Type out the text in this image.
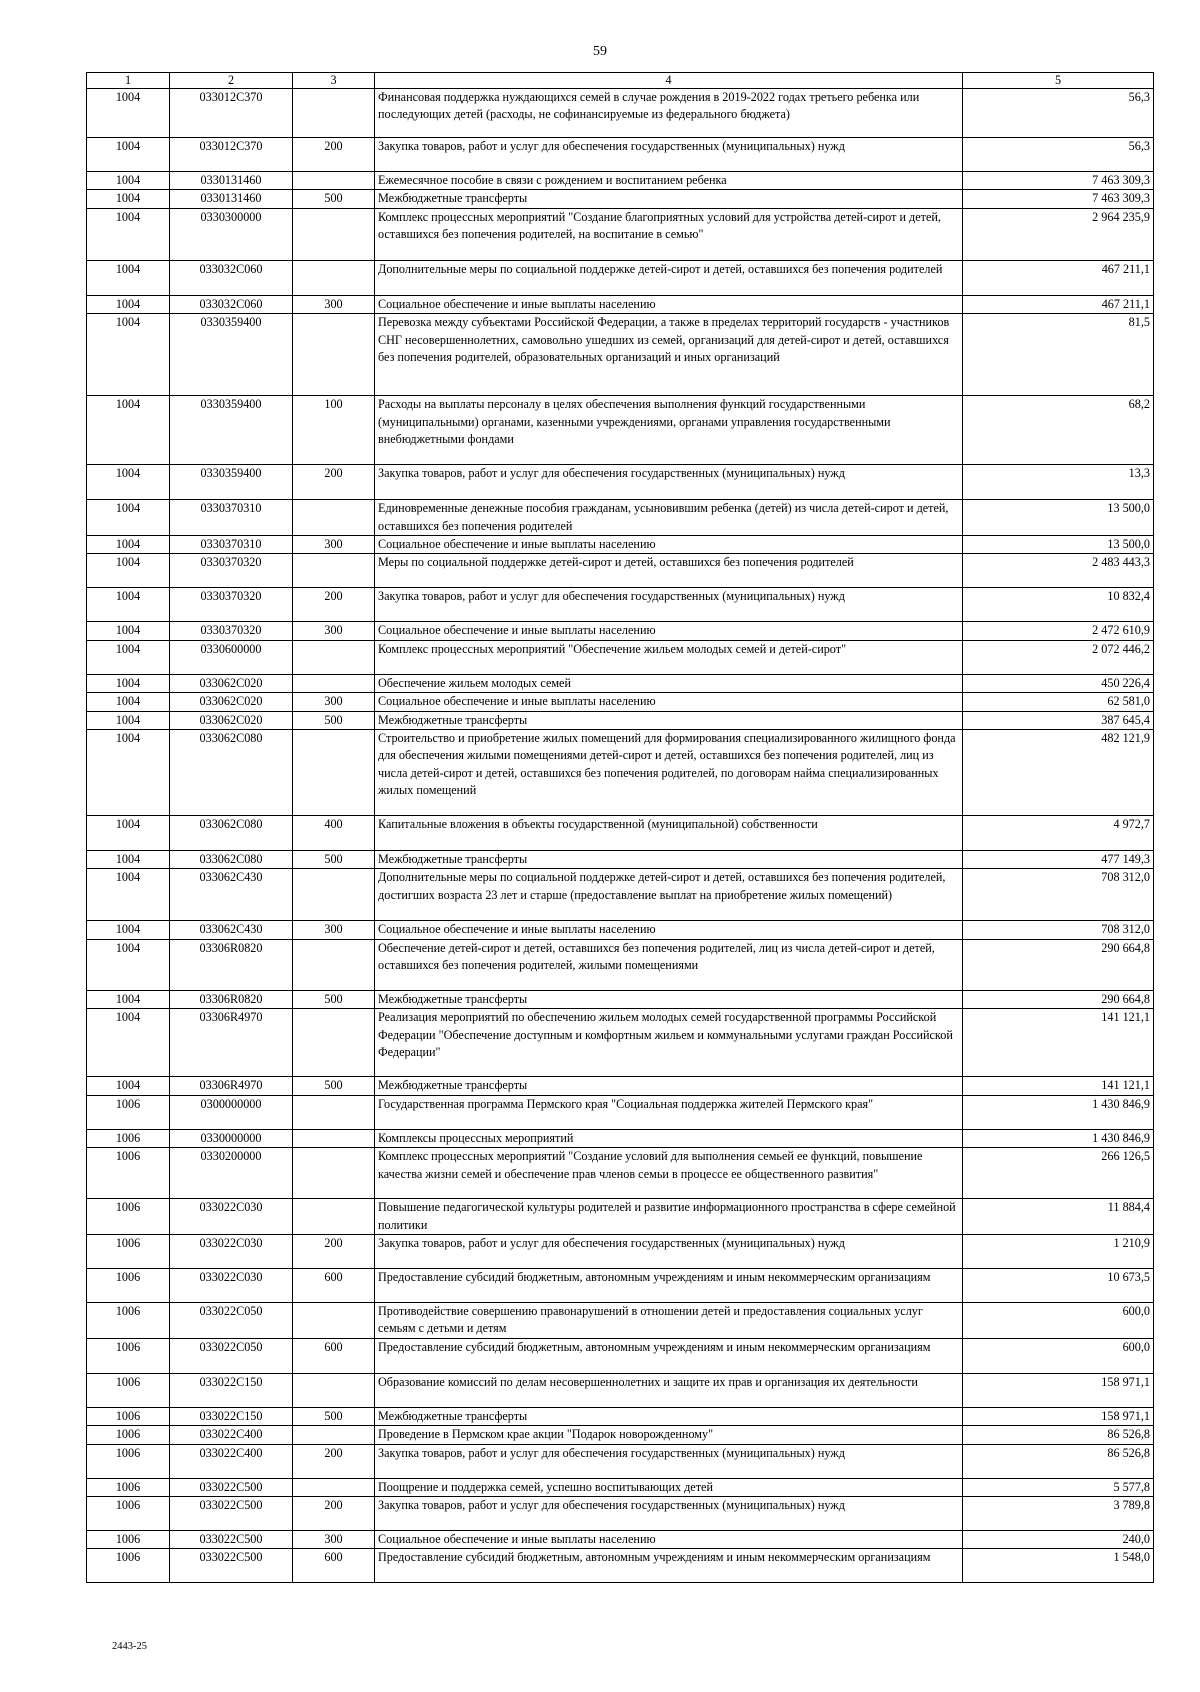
59
1	2	3	4	5
1004	033012C370		Финансовая поддержка нуждающихся семей в случае рождения в 2019-2022 годах третьего ребенка или последующих детей (расходы, не софинансируемые из федерального бюджета)	56,3
1004	033012C370	200	Закупка товаров, работ и услуг для обеспечения государственных (муниципальных) нужд	56,3
1004	0330131460		Ежемесячное пособие в связи с рождением и воспитанием ребенка	7 463 309,3
1004	0330131460	500	Межбюджетные трансферты	7 463 309,3
1004	0330300000		Комплекс процессных мероприятий "Создание благоприятных условий для устройства детей-сирот и детей, оставшихся без попечения родителей, на воспитание в семью"	2 964 235,9
1004	033032C060		Дополнительные меры по социальной поддержке детей-сирот и детей, оставшихся без попечения родителей	467 211,1
1004	033032C060	300	Социальное обеспечение и иные выплаты населению	467 211,1
1004	0330359400		Перевозка между субъектами Российской Федерации, а также в пределах территорий государств - участников СНГ несовершеннолетних, самовольно ушедших из семей, организаций для детей-сирот и детей, оставшихся без попечения родителей, образовательных организаций и иных организаций	81,5
1004	0330359400	100	Расходы на выплаты персоналу в целях обеспечения выполнения функций государственными (муниципальными) органами, казенными учреждениями, органами управления государственными внебюджетными фондами	68,2
1004	0330359400	200	Закупка товаров, работ и услуг для обеспечения государственных (муниципальных) нужд	13,3
1004	0330370310		Единовременные денежные пособия гражданам, усыновившим ребенка (детей) из числа детей-сирот и детей, оставшихся без попечения родителей	13 500,0
1004	0330370310	300	Социальное обеспечение и иные выплаты населению	13 500,0
1004	0330370320		Меры по социальной поддержке детей-сирот и детей, оставшихся без попечения родителей	2 483 443,3
1004	0330370320	200	Закупка товаров, работ и услуг для обеспечения государственных (муниципальных) нужд	10 832,4
1004	0330370320	300	Социальное обеспечение и иные выплаты населению	2 472 610,9
1004	0330600000		Комплекс процессных мероприятий "Обеспечение жильем молодых семей и детей-сирот"	2 072 446,2
1004	033062C020		Обеспечение жильем молодых семей	450 226,4
1004	033062C020	300	Социальное обеспечение и иные выплаты населению	62 581,0
1004	033062C020	500	Межбюджетные трансферты	387 645,4
1004	033062C080		Строительство и приобретение жилых помещений для формирования специализированного жилищного фонда для обеспечения жилыми помещениями детей-сирот и детей, оставшихся без попечения родителей, лиц из числа детей-сирот и детей, оставшихся без попечения родителей, по договорам найма специализированных жилых помещений	482 121,9
1004	033062C080	400	Капитальные вложения в объекты государственной (муниципальной) собственности	4 972,7
1004	033062C080	500	Межбюджетные трансферты	477 149,3
1004	033062C430		Дополнительные меры по социальной поддержке детей-сирот и детей, оставшихся без попечения родителей, достигших возраста 23 лет и старше (предоставление выплат на приобретение жилых помещений)	708 312,0
1004	033062C430	300	Социальное обеспечение и иные выплаты населению	708 312,0
1004	03306R0820		Обеспечение детей-сирот и детей, оставшихся без попечения родителей, лиц из числа детей-сирот и детей, оставшихся без попечения родителей, жилыми помещениями	290 664,8
1004	03306R0820	500	Межбюджетные трансферты	290 664,8
1004	03306R4970		Реализация мероприятий по обеспечению жильем молодых семей государственной программы Российской Федерации "Обеспечение доступным и комфортным жильем и коммунальными услугами граждан Российской Федерации"	141 121,1
1004	03306R4970	500	Межбюджетные трансферты	141 121,1
1006	0300000000		Государственная программа Пермского края "Социальная поддержка жителей Пермского края"	1 430 846,9
1006	0330000000		Комплексы процессных мероприятий	1 430 846,9
1006	0330200000		Комплекс процессных мероприятий "Создание условий для выполнения семьей ее функций, повышение качества жизни семей и обеспечение прав членов семьи в процессе ее общественного развития"	266 126,5
1006	033022C030		Повышение педагогической культуры родителей и развитие информационного пространства в сфере семейной политики	11 884,4
1006	033022C030	200	Закупка товаров, работ и услуг для обеспечения государственных (муниципальных) нужд	1 210,9
1006	033022C030	600	Предоставление субсидий бюджетным, автономным учреждениям и иным некоммерческим организациям	10 673,5
1006	033022C050		Противодействие совершению правонарушений в отношении детей и предоставления социальных услуг семьям с детьми и детям	600,0
1006	033022C050	600	Предоставление субсидий бюджетным, автономным учреждениям и иным некоммерческим организациям	600,0
1006	033022C150		Образование комиссий по делам несовершеннолетних и защите их прав и организация их деятельности	158 971,1
1006	033022C150	500	Межбюджетные трансферты	158 971,1
1006	033022C400		Проведение в Пермском крае акции "Подарок новорожденному"	86 526,8
1006	033022C400	200	Закупка товаров, работ и услуг для обеспечения государственных (муниципальных) нужд	86 526,8
1006	033022C500		Поощрение и поддержка семей, успешно воспитывающих детей	5 577,8
1006	033022C500	200	Закупка товаров, работ и услуг для обеспечения государственных (муниципальных) нужд	3 789,8
1006	033022C500	300	Социальное обеспечение и иные выплаты населению	240,0
1006	033022C500	600	Предоставление субсидий бюджетным, автономным учреждениям и иным некоммерческим организациям	1 548,0
2443-25
